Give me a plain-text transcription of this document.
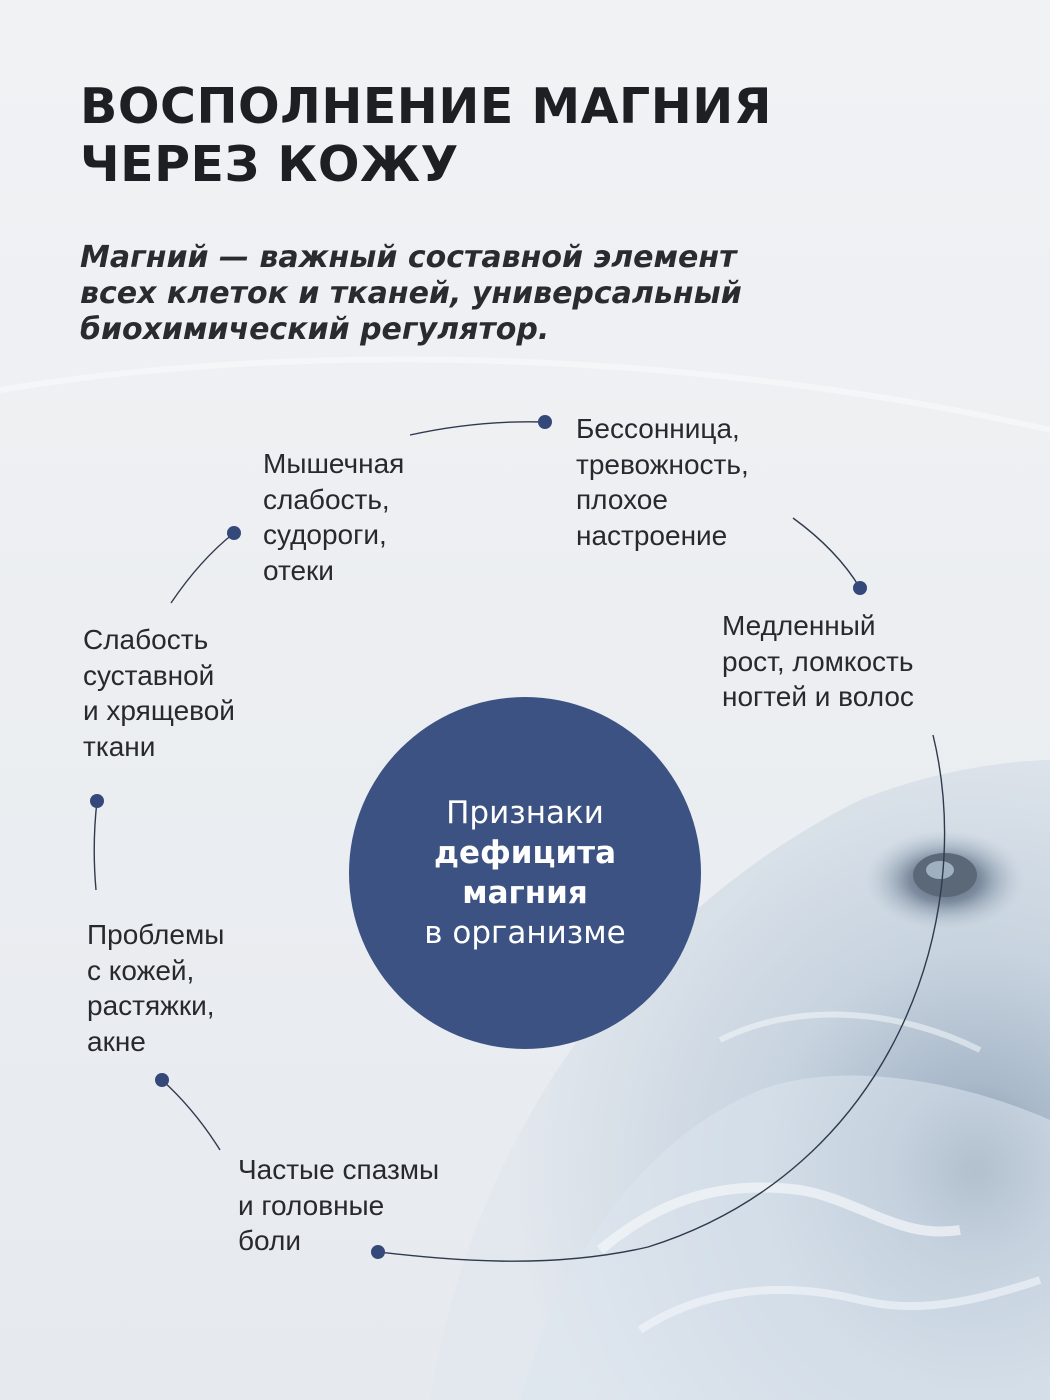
ВОСПОЛНЕНИЕ МАГНИЯ
ЧЕРЕЗ КОЖУ
Магний — важный составной элемент
всех клеток и тканей, универсальный
биохимический регулятор.
Бессонница,
тревожность,
плохое
настроение
Медленный
рост, ломкость
ногтей и волос
Частые спазмы
и головные
боли
Проблемы
с кожей,
растяжки,
акне
Слабость
суставной
и хрящевой
ткани
Мышечная
слабость,
судороги,
отеки
Признаки
дефицита
магния
в организме
